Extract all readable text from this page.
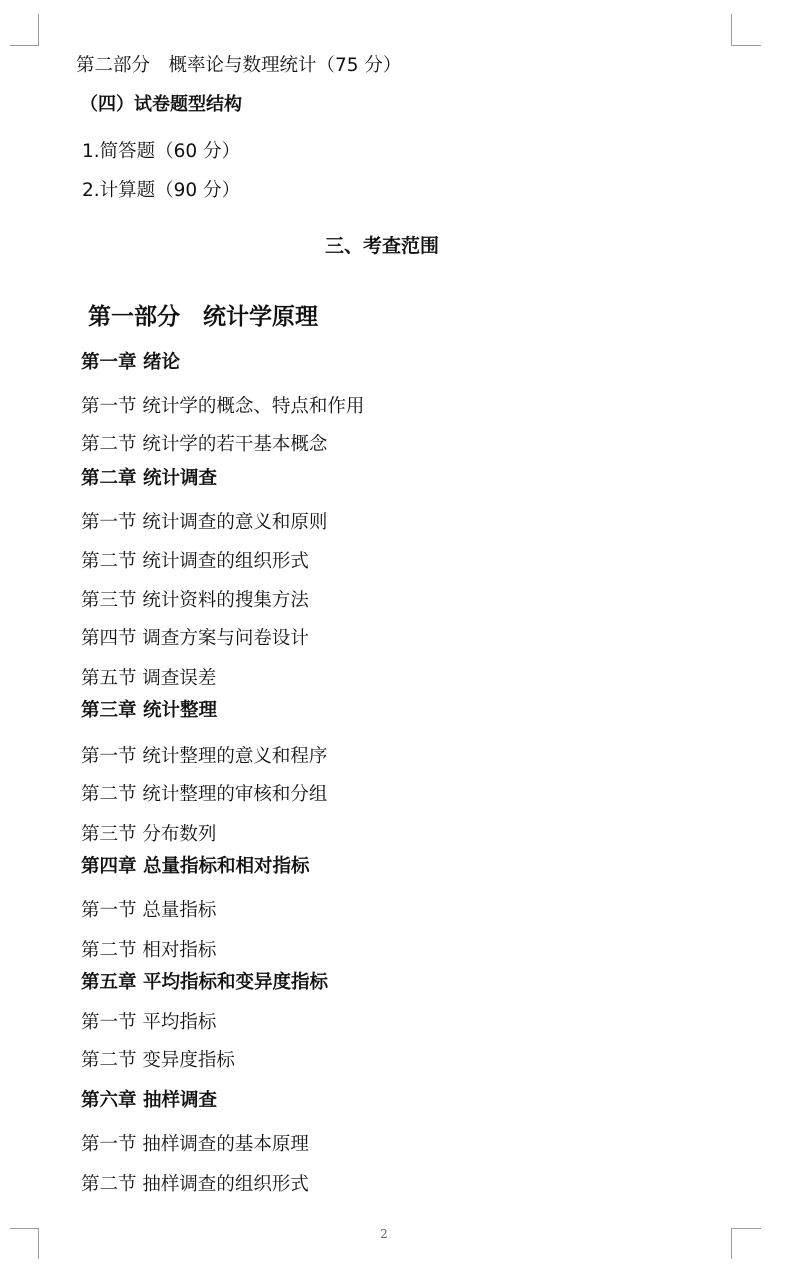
第二部分　概率论与数理统计（75 分）
（四）试卷题型结构
1.简答题（60 分）
2.计算题（90 分）
三、考查范围
第一部分　统计学原理
第一章 绪论
第一节 统计学的概念、特点和作用
第二节 统计学的若干基本概念
第二章 统计调查
第一节 统计调查的意义和原则
第二节 统计调查的组织形式
第三节 统计资料的搜集方法
第四节 调查方案与问卷设计
第五节 调查误差
第三章 统计整理
第一节 统计整理的意义和程序
第二节 统计整理的审核和分组
第三节 分布数列
第四章 总量指标和相对指标
第一节 总量指标
第二节 相对指标
第五章 平均指标和变异度指标
第一节 平均指标
第二节 变异度指标
第六章 抽样调查
第一节 抽样调查的基本原理
第二节 抽样调查的组织形式
2
